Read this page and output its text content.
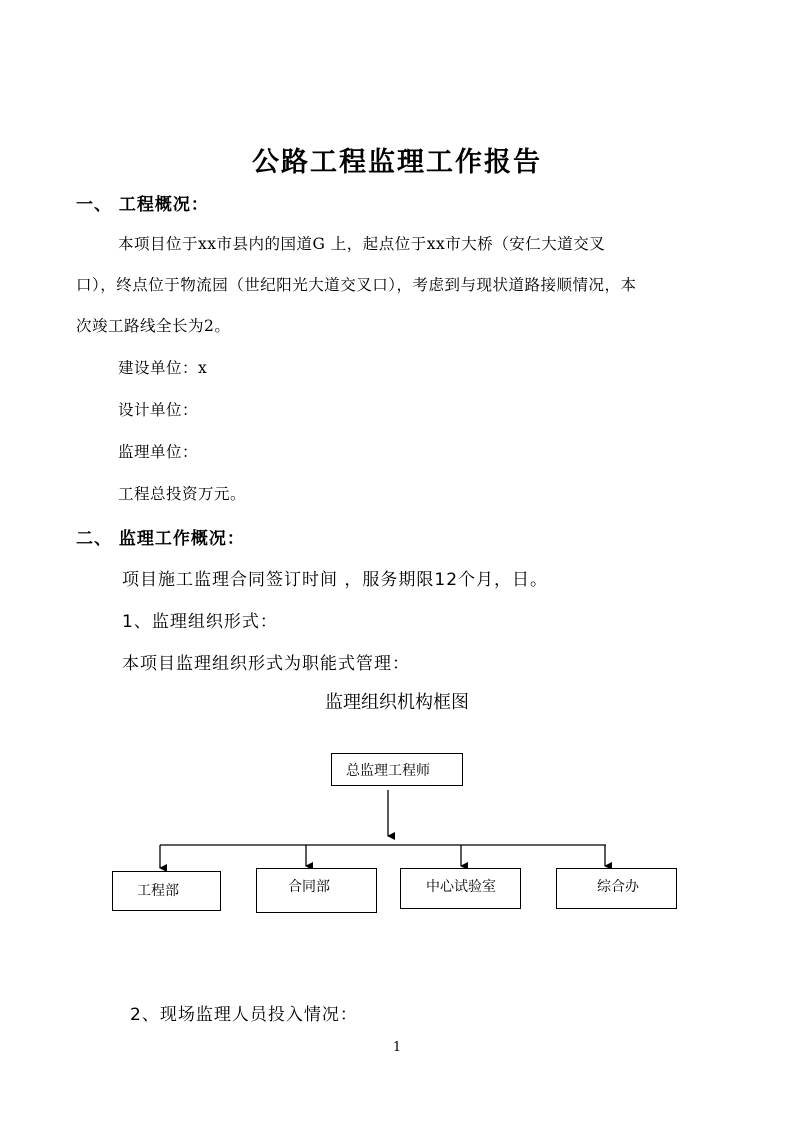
公路工程监理工作报告
一、 工程概况：
本项目位于xx市县内的国道G 上，起点位于xx市大桥（安仁大道交叉
口），终点位于物流园（世纪阳光大道交叉口），考虑到与现状道路接顺情况，本
次竣工路线全长为2。
建设单位：x
设计单位：
监理单位：
工程总投资万元。
二、 监理工作概况：
项目施工监理合同签订时间 ，服务期限12个月，日。
1、监理组织形式：
本项目监理组织形式为职能式管理：
监理组织机构框图
总监理工程师
工程部	合同部	中心试验室	综合办
2、现场监理人员投入情况：
1
